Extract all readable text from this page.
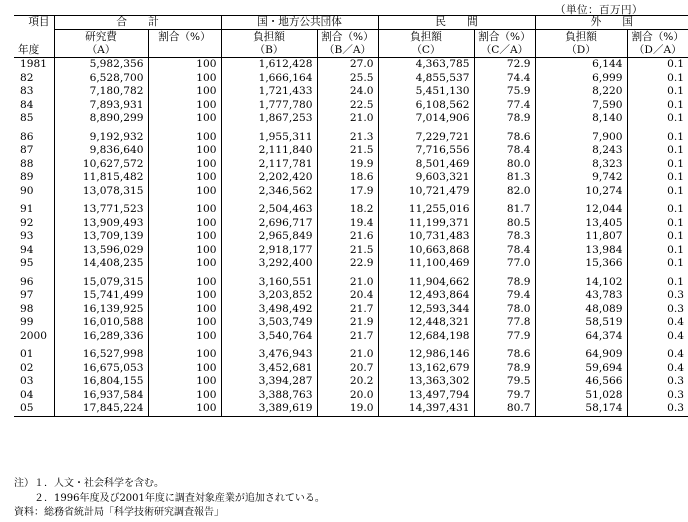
（単位：百万円）
項目	合　　計		国・地方公共団体		民　　間		外　　国	
	研究費	割合（%）	負担額	割合（%）	負担額	割合（%）	負担額	割合（%）
年度	（A）		（B）	（B／A）	（C）	（C／A）	（D）	（D／A）
1981	5,982,356	100	1,612,428	27.0	4,363,785	72.9	6,144	0.1
82	6,528,700	100	1,666,164	25.5	4,855,537	74.4	6,999	0.1
83	7,180,782	100	1,721,433	24.0	5,451,130	75.9	8,220	0.1
84	7,893,931	100	1,777,780	22.5	6,108,562	77.4	7,590	0.1
85	8,890,299	100	1,867,253	21.0	7,014,906	78.9	8,140	0.1
86	9,192,932	100	1,955,311	21.3	7,229,721	78.6	7,900	0.1
87	9,836,640	100	2,111,840	21.5	7,716,556	78.4	8,243	0.1
88	10,627,572	100	2,117,781	19.9	8,501,469	80.0	8,323	0.1
89	11,815,482	100	2,202,420	18.6	9,603,321	81.3	9,742	0.1
90	13,078,315	100	2,346,562	17.9	10,721,479	82.0	10,274	0.1
91	13,771,523	100	2,504,463	18.2	11,255,016	81.7	12,044	0.1
92	13,909,493	100	2,696,717	19.4	11,199,371	80.5	13,405	0.1
93	13,709,139	100	2,965,849	21.6	10,731,483	78.3	11,807	0.1
94	13,596,029	100	2,918,177	21.5	10,663,868	78.4	13,984	0.1
95	14,408,235	100	3,292,400	22.9	11,100,469	77.0	15,366	0.1
96	15,079,315	100	3,160,551	21.0	11,904,662	78.9	14,102	0.1
97	15,741,499	100	3,203,852	20.4	12,493,864	79.4	43,783	0.3
98	16,139,925	100	3,498,492	21.7	12,593,344	78.0	48,089	0.3
99	16,010,588	100	3,503,749	21.9	12,448,321	77.8	58,519	0.4
2000	16,289,336	100	3,540,764	21.7	12,684,198	77.9	64,374	0.4
01	16,527,998	100	3,476,943	21.0	12,986,146	78.6	64,909	0.4
02	16,675,053	100	3,452,681	20.7	13,162,679	78.9	59,694	0.4
03	16,804,155	100	3,394,287	20.2	13,363,302	79.5	46,566	0.3
04	16,937,584	100	3,388,763	20.0	13,497,794	79.7	51,028	0.3
05	17,845,224	100	3,389,619	19.0	14,397,431	80.7	58,174	0.3
注）１．人文・社会科学を含む。
　　２．1996年度及び2001年度に調査対象産業が追加されている。
資料：総務省統計局「科学技術研究調査報告」
